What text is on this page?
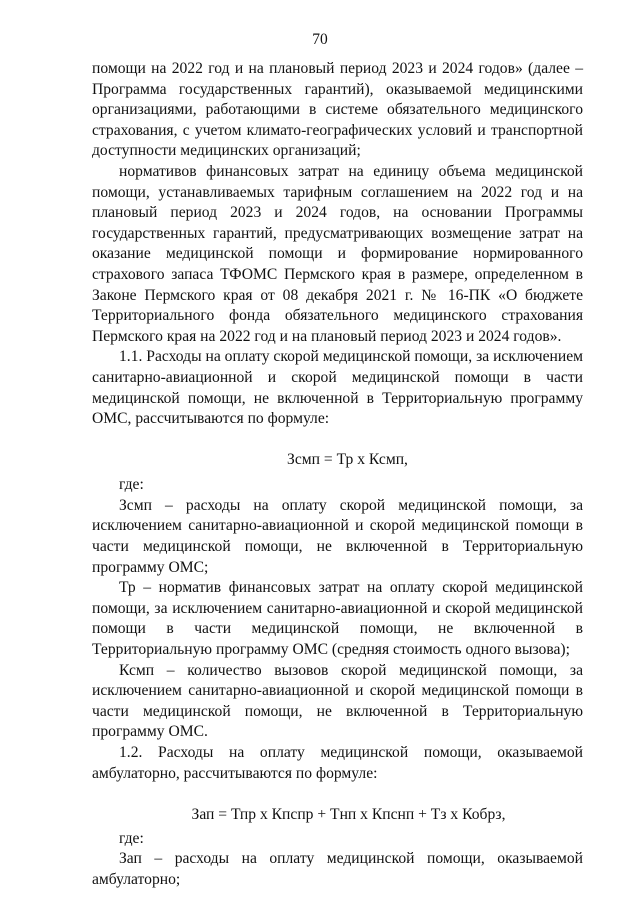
70

помощи на 2022 год и на плановый период 2023 и 2024 годов» (далее – Программа государственных гарантий), оказываемой медицинскими организациями, работающими в системе обязательного медицинского страхования, с учетом климато-географических условий и транспортной доступности медицинских организаций;

нормативов финансовых затрат на единицу объема медицинской помощи, устанавливаемых тарифным соглашением на 2022 год и на плановый период 2023 и 2024 годов, на основании Программы государственных гарантий, предусматривающих возмещение затрат на оказание медицинской помощи и формирование нормированного страхового запаса ТФОМС Пермского края в размере, определенном в Законе Пермского края от 08 декабря 2021 г. № 16-ПК «О бюджете Территориального фонда обязательного медицинского страхования Пермского края на 2022 год и на плановый период 2023 и 2024 годов».

1.1. Расходы на оплату скорой медицинской помощи, за исключением санитарно-авиационной и скорой медицинской помощи в части медицинской помощи, не включенной в Территориальную программу ОМС, рассчитываются по формуле:

Зсмп = Тр х Ксмп,

где:

Зсмп – расходы на оплату скорой медицинской помощи, за исключением санитарно-авиационной и скорой медицинской помощи в части медицинской помощи, не включенной в Территориальную программу ОМС;

Тр – норматив финансовых затрат на оплату скорой медицинской помощи, за исключением санитарно-авиационной и скорой медицинской помощи в части медицинской помощи, не включенной в Территориальную программу ОМС (средняя стоимость одного вызова);

Ксмп – количество вызовов скорой медицинской помощи, за исключением санитарно-авиационной и скорой медицинской помощи в части медицинской помощи, не включенной в Территориальную программу ОМС.

1.2. Расходы на оплату медицинской помощи, оказываемой амбулаторно, рассчитываются по формуле:

Зап = Тпр х Кпспр + Тнп х Кпснп + Тз х Кобрз,

где:

Зап – расходы на оплату медицинской помощи, оказываемой амбулаторно;
